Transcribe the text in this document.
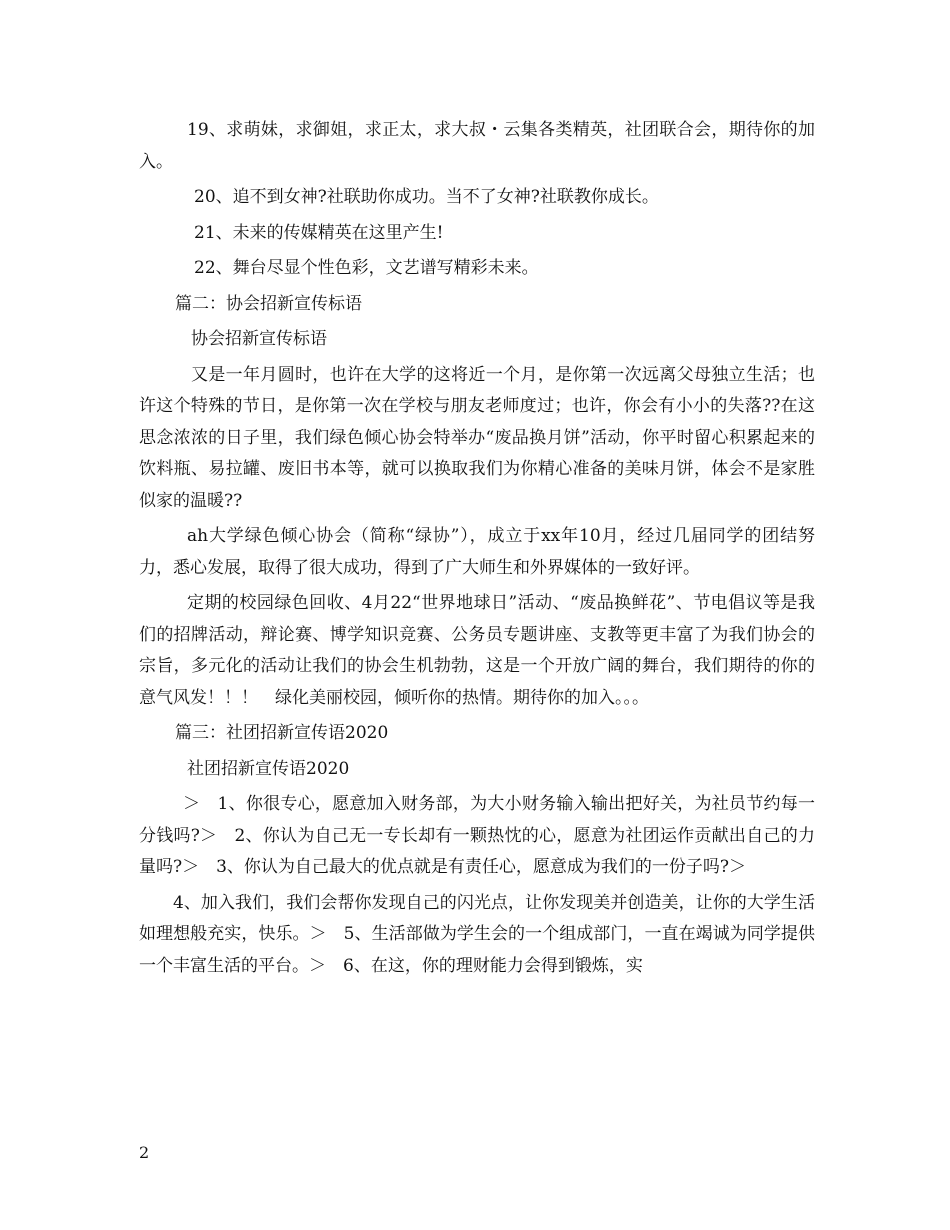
19、求萌妹，求御姐，求正太，求大叔・云集各类精英，社团联合会，期待你的加入。

20、追不到女神?社联助你成功。当不了女神?社联教你成长。

21、未来的传媒精英在这里产生!

22、舞台尽显个性色彩，文艺谱写精彩未来。

篇二：协会招新宣传标语

协会招新宣传标语

又是一年月圆时，也许在大学的这将近一个月，是你第一次远离父母独立生活；也许这个特殊的节日，是你第一次在学校与朋友老师度过；也许，你会有小小的失落??在这思念浓浓的日子里，我们绿色倾心协会特举办“废品换月饼”活动，你平时留心积累起来的饮料瓶、易拉罐、废旧书本等，就可以换取我们为你精心准备的美味月饼，体会不是家胜似家的温暖??

ah大学绿色倾心协会（简称“绿协”），成立于xx年10月，经过几届同学的团结努力，悉心发展，取得了很大成功，得到了广大师生和外界媒体的一致好评。

定期的校园绿色回收、4月22“世界地球日”活动、“废品换鲜花”、节电倡议等是我们的招牌活动，辩论赛、博学知识竞赛、公务员专题讲座、支教等更丰富了为我们协会的宗旨，多元化的活动让我们的协会生机勃勃，这是一个开放广阔的舞台，我们期待的你的意气风发！！！　绿化美丽校园，倾听你的热情。期待你的加入。。。

篇三：社团招新宣传语2020

社团招新宣传语2020

＞　1、你很专心，愿意加入财务部，为大小财务输入输出把好关，为社员节约每一分钱吗?＞　2、你认为自己无一专长却有一颗热忱的心，愿意为社团运作贡献出自己的力量吗?＞　3、你认为自己最大的优点就是有责任心，愿意成为我们的一份子吗?＞

4、加入我们，我们会帮你发现自己的闪光点，让你发现美并创造美，让你的大学生活如理想般充实，快乐。＞　5、生活部做为学生会的一个组成部门，一直在竭诚为同学提供一个丰富生活的平台。＞　6、在这，你的理财能力会得到锻炼，实

2
